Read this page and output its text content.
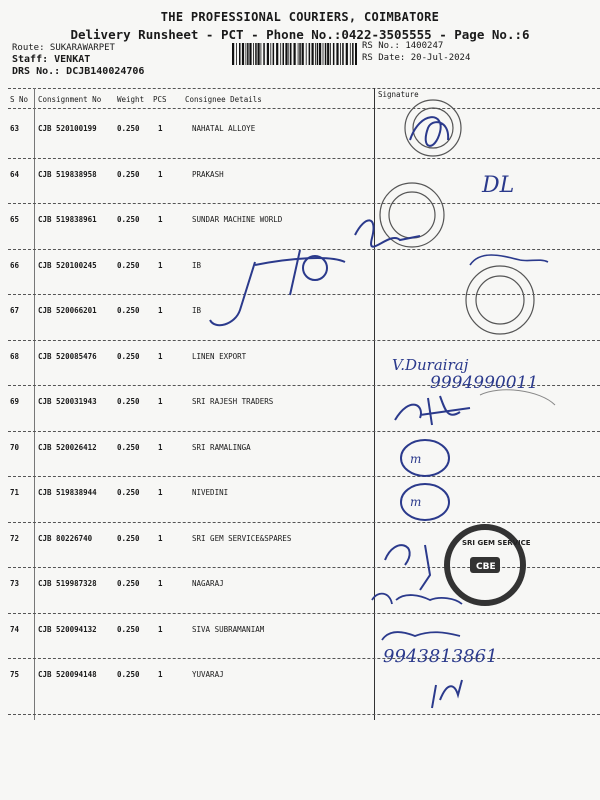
THE PROFESSIONAL COURIERS, COIMBATORE
Delivery Runsheet - PCT - Phone No.:0422-3505555 - Page No.:6
Route: SUKARAWARPET
Staff: VENKAT
DRS No.: DCJB140024706
RS No.: 1400247
RS Date: 20-Jul-2024
S No Consignment No Weight PCS Consignee Details
Signature
63	CJB 520100199	0.250 1	NAHATAL ALLOYE
64	CJB 519838958	0.250 1	PRAKASH
65	CJB 519838961	0.250 1	SUNDAR MACHINE WORLD
66	CJB 520100245	0.250 1	IB
67	CJB 520066201	0.250 1	IB
68	CJB 520085476	0.250 1	LINEN EXPORT
69	CJB 520031943	0.250 1	SRI RAJESH TRADERS
70	CJB 520026412	0.250 1	SRI RAMALINGA
71	CJB 519838944	0.250 1	NIVEDINI
72	CJB 80226740	0.250 1	SRI GEM SERVICE&SPARES
73	CJB 519987328	0.250 1	NAGARAJ
74	CJB 520094132	0.250 1	SIVA SUBRAMANIAM
75	CJB 520094148	0.250 1	YUVARAJ
DL
V.Durairaj
9994990011
m
m
SRI GEM SERVICE
CBE
9943813861
